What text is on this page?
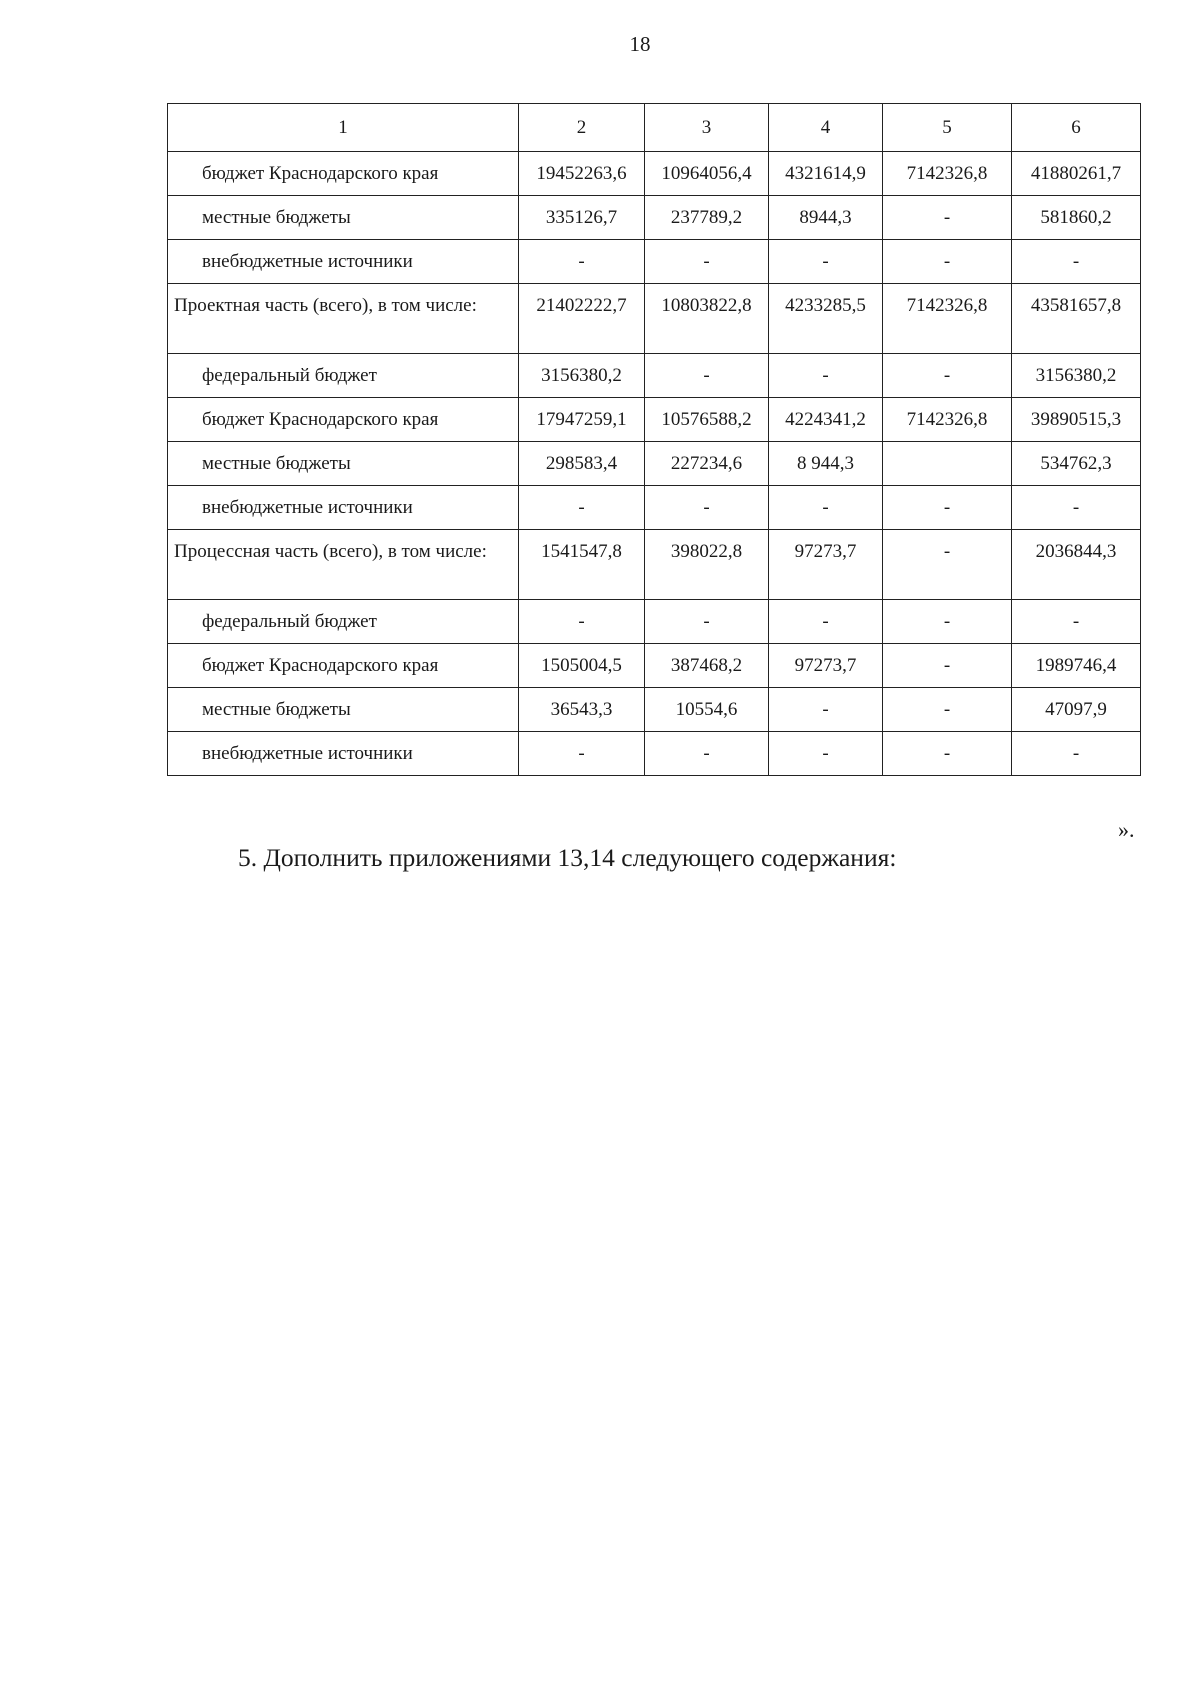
18
1	2	3	4	5	6
бюджет Краснодарского края	19452263,6	10964056,4	4321614,9	7142326,8	41880261,7
местные бюджеты	335126,7	237789,2	8944,3	-	581860,2
внебюджетные источники	-	-	-	-	-
Проектная часть (всего), в том числе:	21402222,7	10803822,8	4233285,5	7142326,8	43581657,8
федеральный бюджет	3156380,2	-	-	-	3156380,2
бюджет Краснодарского края	17947259,1	10576588,2	4224341,2	7142326,8	39890515,3
местные бюджеты	298583,4	227234,6	8 944,3		534762,3
внебюджетные источники	-	-	-	-	-
Процессная часть (всего), в том числе:	1541547,8	398022,8	97273,7	-	2036844,3
федеральный бюджет	-	-	-	-	-
бюджет Краснодарского края	1505004,5	387468,2	97273,7	-	1989746,4
местные бюджеты	36543,3	10554,6	-	-	47097,9
внебюджетные источники	-	-	-	-	-
».
5. Дополнить приложениями 13,14 следующего содержания:
